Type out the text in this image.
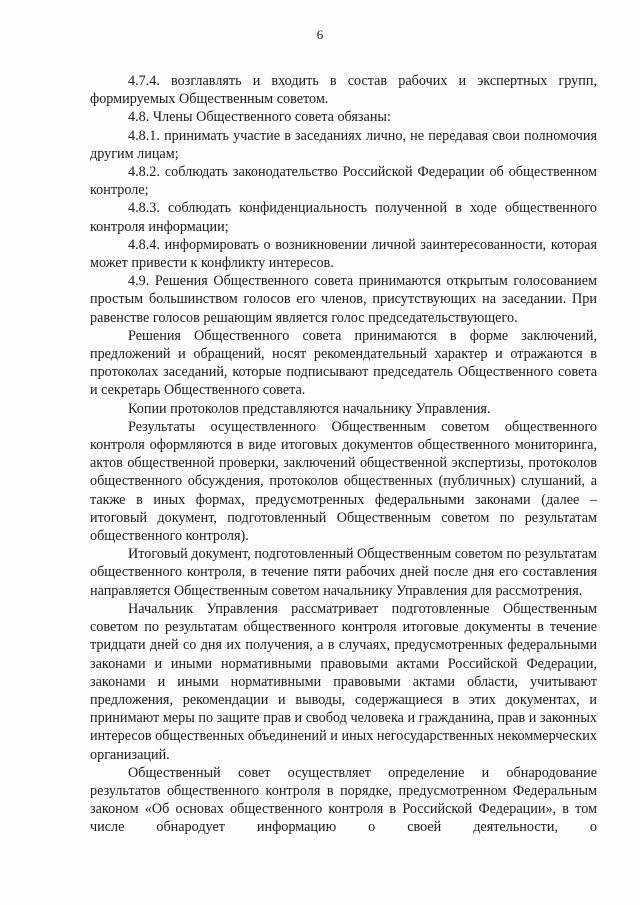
6

4.7.4. возглавлять и входить в состав рабочих и экспертных групп, формируемых Общественным советом.

4.8. Члены Общественного совета обязаны:

4.8.1. принимать участие в заседаниях лично, не передавая свои полномочия другим лицам;

4.8.2. соблюдать законодательство Российской Федерации об общественном контроле;

4.8.3. соблюдать конфиденциальность полученной в ходе общественного контроля информации;

4.8.4. информировать о возникновении личной заинтересованности, которая может привести к конфликту интересов.

4.9. Решения Общественного совета принимаются открытым голосованием простым большинством голосов его членов, присутствующих на заседании. При равенстве голосов решающим является голос председательствующего.

Решения Общественного совета принимаются в форме заключений, предложений и обращений, носят рекомендательный характер и отражаются в протоколах заседаний, которые подписывают председатель Общественного совета и секретарь Общественного совета.

Копии протоколов представляются начальнику Управления.

Результаты осуществленного Общественным советом общественного контроля оформляются в виде итоговых документов общественного мониторинга, актов общественной проверки, заключений общественной экспертизы, протоколов общественного обсуждения, протоколов общественных (публичных) слушаний, а также в иных формах, предусмотренных федеральными законами (далее – итоговый документ, подготовленный Общественным советом по результатам общественного контроля).

Итоговый документ, подготовленный Общественным советом по результатам общественного контроля, в течение пяти рабочих дней после дня его составления направляется Общественным советом начальнику Управления для рассмотрения.

Начальник Управления рассматривает подготовленные Общественным советом по результатам общественного контроля итоговые документы в течение тридцати дней со дня их получения, а в случаях, предусмотренных федеральными законами и иными нормативными правовыми актами Российской Федерации, законами и иными нормативными правовыми актами области, учитывают предложения, рекомендации и выводы, содержащиеся в этих документах, и принимают меры по защите прав и свобод человека и гражданина, прав и законных интересов общественных объединений и иных негосударственных некоммерческих организаций.

Общественный совет осуществляет определение и обнародование результатов общественного контроля в порядке, предусмотренном Федеральным законом «Об основах общественного контроля в Российской Федерации», в том числе обнародует информацию о своей деятельности, о
